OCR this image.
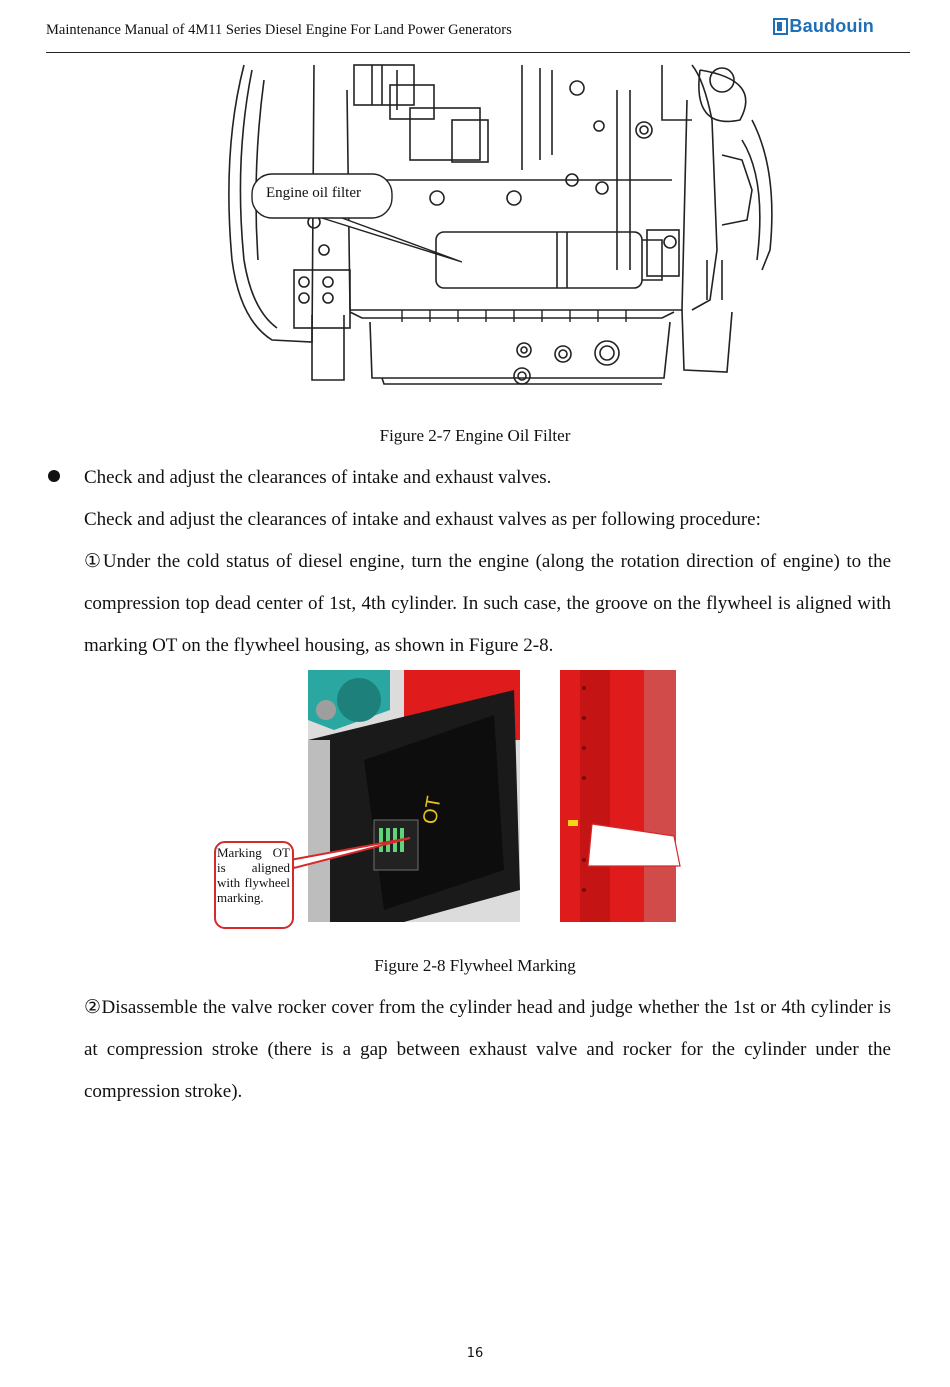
Maintenance Manual of 4M11 Series Diesel Engine For Land Power Generators	Baudouin
Engine oil filter
Figure 2-7 Engine Oil Filter
Check and adjust the clearances of intake and exhaust valves.
Check and adjust the clearances of intake and exhaust valves as per following procedure:
①Under the cold status of diesel engine, turn the engine (along the rotation direction of engine) to the compression top dead center of 1st, 4th cylinder. In such case, the groove on the flywheel is aligned with marking OT on the flywheel housing, as shown in Figure 2-8.
OT
Marking OT is aligned with flywheel marking.
Figure 2-8 Flywheel Marking
②Disassemble the valve rocker cover from the cylinder head and judge whether the 1st or 4th cylinder is at compression stroke (there is a gap between exhaust valve and rocker for the cylinder under the compression stroke).
16
